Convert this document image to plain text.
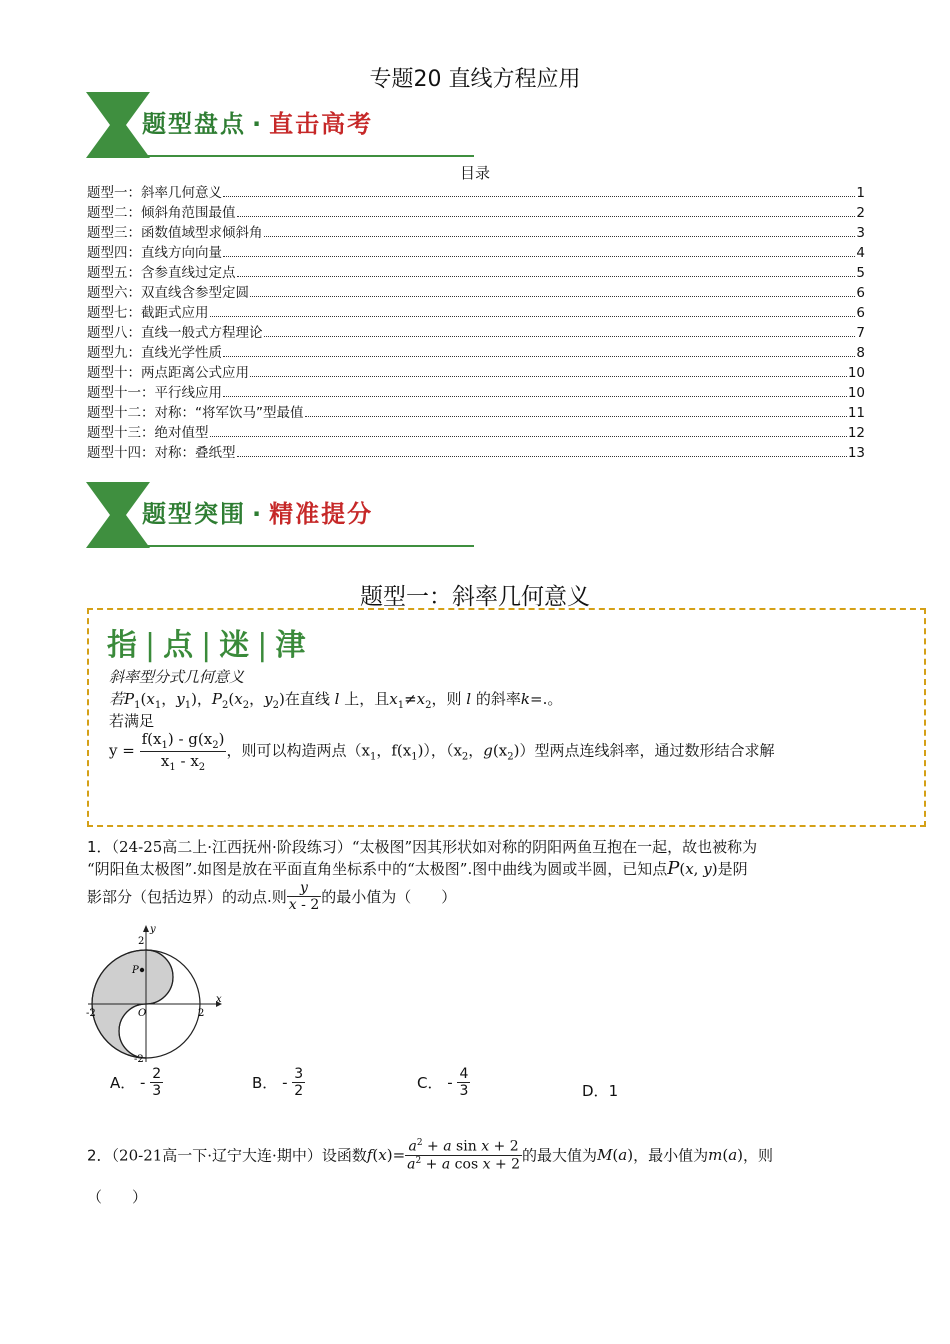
专题20 直线方程应用
题型盘点 · 直击高考
目录
题型一：斜率几何意义	1
题型二：倾斜角范围最值	2
题型三：函数值域型求倾斜角	3
题型四：直线方向向量	4
题型五：含参直线过定点	5
题型六：双直线含参型定圆	6
题型七：截距式应用	6
题型八：直线一般式方程理论	7
题型九：直线光学性质	8
题型十：两点距离公式应用	10
题型十一：平行线应用	10
题型十二：对称：“将军饮马”型最值	11
题型十三：绝对值型	12
题型十四：对称：叠纸型	13
题型突围 · 精准提分
题型一：斜率几何意义
指 | 点 | 迷 | 津
斜率型分式几何意义
若$P_1(x_1$，$y_1$)，$P_2(x_2$，$y_2$)在直线 l 上，且$x_1\ne x_2$，则 l 的斜率k=.。
若满足
$y = \frac{f(x_1) - g(x_2)}{x_1 - x_2}$ ，则可以构造两点（$x_1$，$f(x_1)$），（$x_2$，$g(x_2)$）型两点连线斜率，通过数形结合求解
1．（24-25高二上·江西抚州·阶段练习）“太极图”因其形状如对称的阴阳两鱼互抱在一起，故也被称为
“阴阳鱼太极图”.如图是放在平面直角坐标系中的“太极图”.图中曲线为圆或半圆，已知点P(x, y)是阴
影部分（包括边界）的动点.则 $\frac{y}{x - 2}$ 的最小值为（　　）
y
x
O
P
2
-2
2
-2
A． - $\frac{2}{3}$	B． - $\frac{3}{2}$	C． - $\frac{4}{3}$	D．1
2．（20-21高一下·辽宁大连·期中）设函数$f(x)= \frac{a^2 + a \sin x + 2}{a^2 + a \cos x + 2}$ 的最大值为M(a)，最小值为m(a)，则
（　　）
